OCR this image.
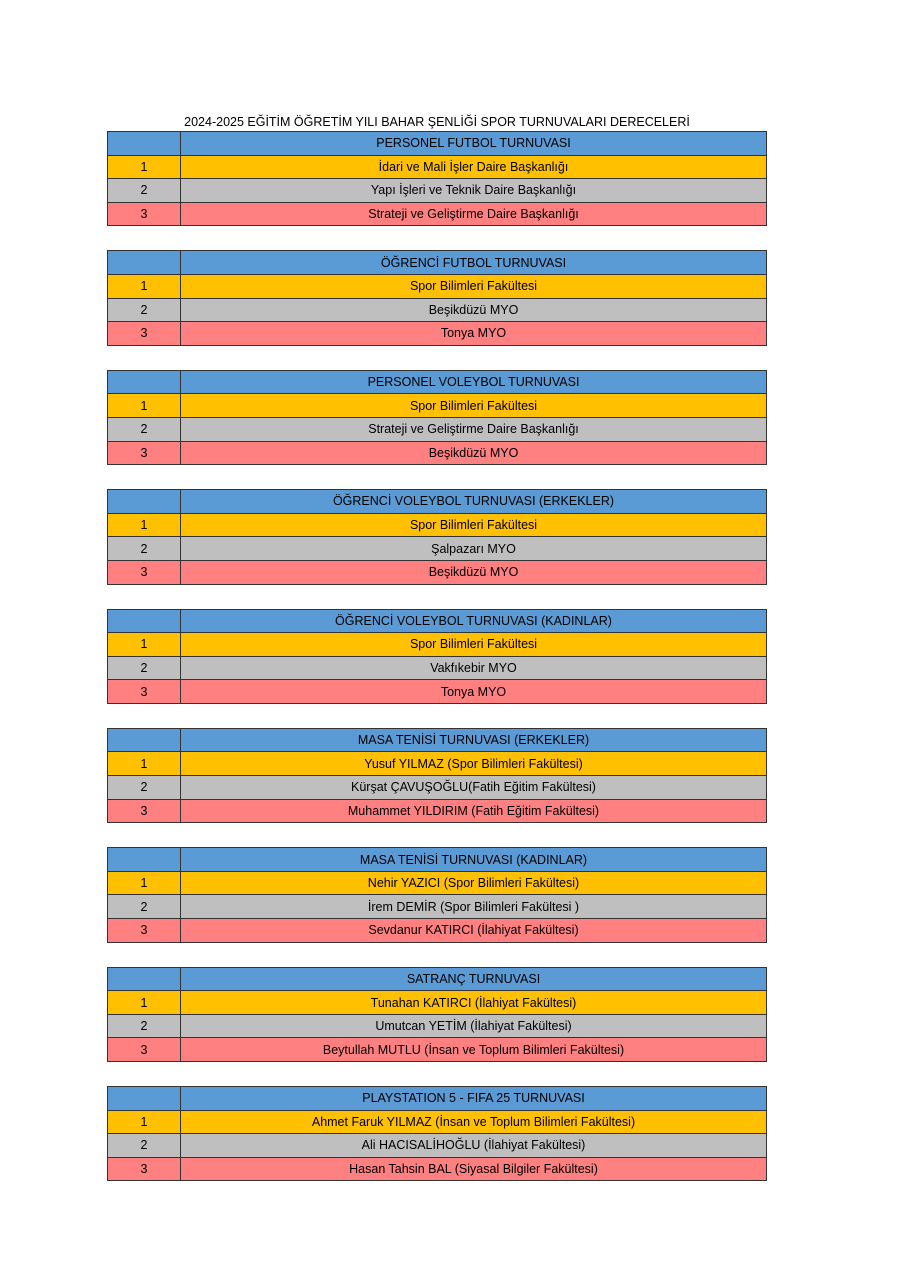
2024-2025 EĞİTİM ÖĞRETİM YILI BAHAR ŞENLİĞİ SPOR TURNUVALARI DERECELERİ
	PERSONEL FUTBOL TURNUVASI
1	İdari ve Mali İşler Daire Başkanlığı
2	Yapı İşleri ve Teknik Daire Başkanlığı
3	Strateji ve Geliştirme Daire Başkanlığı
	ÖĞRENCİ FUTBOL TURNUVASI
1	Spor Bilimleri Fakültesi
2	Beşikdüzü MYO
3	Tonya MYO
	PERSONEL VOLEYBOL TURNUVASI
1	Spor Bilimleri Fakültesi
2	Strateji ve Geliştirme Daire Başkanlığı
3	Beşikdüzü MYO
	ÖĞRENCİ VOLEYBOL TURNUVASI (ERKEKLER)
1	Spor Bilimleri Fakültesi
2	Şalpazarı MYO
3	Beşikdüzü MYO
	ÖĞRENCİ VOLEYBOL TURNUVASI (KADINLAR)
1	Spor Bilimleri Fakültesi
2	Vakfıkebir MYO
3	Tonya MYO
	MASA TENİSİ TURNUVASI (ERKEKLER)
1	Yusuf YILMAZ (Spor Bilimleri Fakültesi)
2	Kürşat ÇAVUŞOĞLU(Fatih Eğitim Fakültesi)
3	Muhammet YILDIRIM (Fatih Eğitim Fakültesi)
	MASA TENİSİ TURNUVASI (KADINLAR)
1	Nehir YAZICI (Spor Bilimleri Fakültesi)
2	İrem DEMİR (Spor Bilimleri Fakültesi )
3	Sevdanur KATIRCI (İlahiyat Fakültesi)
	SATRANÇ TURNUVASI
1	Tunahan KATIRCI (İlahiyat Fakültesi)
2	Umutcan YETİM (İlahiyat Fakültesi)
3	Beytullah MUTLU (İnsan ve Toplum Bilimleri Fakültesi)
	PLAYSTATION 5 - FIFA 25 TURNUVASI
1	Ahmet Faruk YILMAZ (İnsan ve Toplum Bilimleri Fakültesi)
2	Ali HACISALİHOĞLU (İlahiyat Fakültesi)
3	Hasan Tahsin BAL (Siyasal Bilgiler Fakültesi)
